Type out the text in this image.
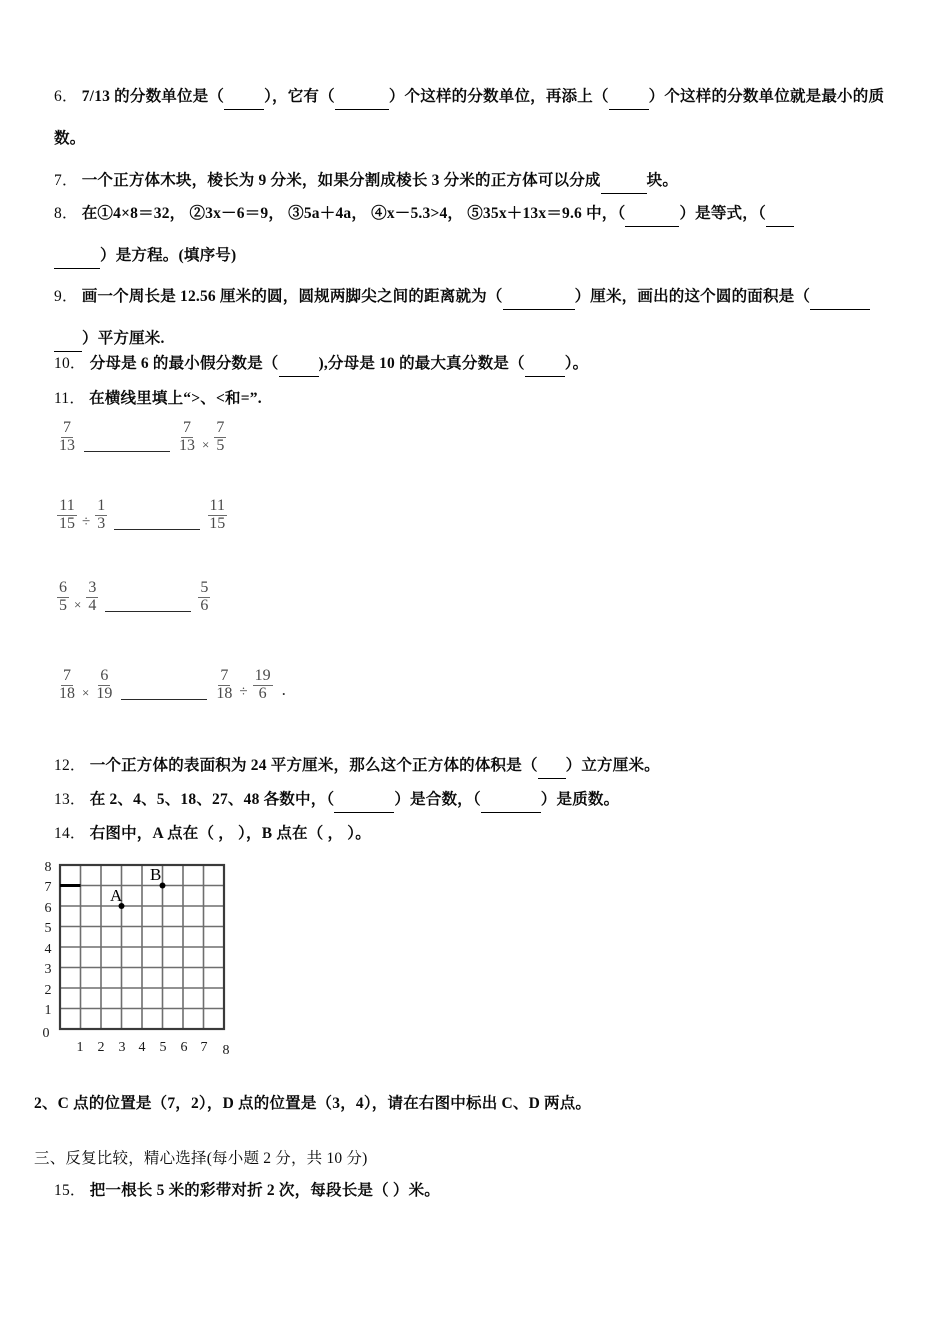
6． 7/13 的分数单位是（	），它有（	）个这样的分数单位，再添上（	）个这样的分数单位就是最小的质
数。
7． 一个正方体木块，棱长为 9 分米，如果分割成棱长 3 分米的正方体可以分成	块。
8． 在①4×8＝32， ②3x－6＝9， ③5a＋4a， ④x－5.3>4， ⑤35x＋13x＝9.6 中，（	）是等式，（
）是方程。(填序号)
9． 画一个周长是 12.56 厘米的圆，圆规两脚尖之间的距离就为（	）厘米，画出的这个圆的面积是（
）平方厘米.
10． 分母是 6 的最小假分数是（	),分母是 10 的最大真分数是（	）。
11． 在横线里填上“>、<和=”.
$\frac{7}{13}$	$\frac{7}{13} \times \frac{7}{5}$
$\frac{11}{15} \div \frac{1}{3}$	$\frac{11}{15}$
$\frac{6}{5} \times \frac{3}{4}$	$\frac{5}{6}$
$\frac{7}{18} \times \frac{6}{19}$	$\frac{7}{18} \div \frac{19}{6}$ .
12． 一个正方体的表面积为 24 平方厘米，那么这个正方体的体积是（ ）立方厘米。
13． 在 2、4、5、18、27、48 各数中，（	）是合数，（	）是质数。
14． 右图中，A 点在（ ， ），B 点在（ ， ）。
A
B
8
7
6
5
4
3
2
1
0
1 2 3 4 5 6 7 8
2、C 点的位置是（7，2），D 点的位置是（3，4），请在右图中标出 C、D 两点。
三、反复比较，精心选择(每小题 2 分，共 10 分)
15． 把一根长 5 米的彩带对折 2 次，每段长是（ ）米。
